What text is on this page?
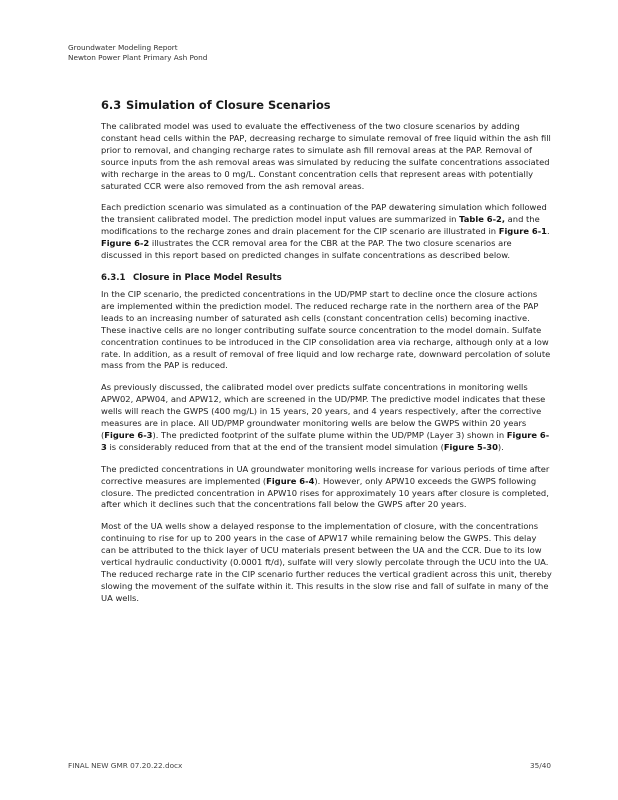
Groundwater Modeling Report
Newton Power Plant Primary Ash Pond
6.3 Simulation of Closure Scenarios

The calibrated model was used to evaluate the effectiveness of the two closure scenarios by adding constant head cells within the PAP, decreasing recharge to simulate removal of free liquid within the ash fill prior to removal, and changing recharge rates to simulate ash fill removal areas at the PAP. Removal of source inputs from the ash removal areas was simulated by reducing the sulfate concentrations associated with recharge in the areas to 0 mg/L. Constant concentration cells that represent areas with potentially saturated CCR were also removed from the ash removal areas.

Each prediction scenario was simulated as a continuation of the PAP dewatering simulation which followed the transient calibrated model. The prediction model input values are summarized in Table 6-2, and the modifications to the recharge zones and drain placement for the CIP scenario are illustrated in Figure 6-1. Figure 6-2 illustrates the CCR removal area for the CBR at the PAP. The two closure scenarios are discussed in this report based on predicted changes in sulfate concentrations as described below.

6.3.1 Closure in Place Model Results

In the CIP scenario, the predicted concentrations in the UD/PMP start to decline once the closure actions are implemented within the prediction model. The reduced recharge rate in the northern area of the PAP leads to an increasing number of saturated ash cells (constant concentration cells) becoming inactive. These inactive cells are no longer contributing sulfate source concentration to the model domain. Sulfate concentration continues to be introduced in the CIP consolidation area via recharge, although only at a low rate. In addition, as a result of removal of free liquid and low recharge rate, downward percolation of solute mass from the PAP is reduced.

As previously discussed, the calibrated model over predicts sulfate concentrations in monitoring wells APW02, APW04, and APW12, which are screened in the UD/PMP. The predictive model indicates that these wells will reach the GWPS (400 mg/L) in 15 years, 20 years, and 4 years respectively, after the corrective measures are in place. All UD/PMP groundwater monitoring wells are below the GWPS within 20 years (Figure 6-3). The predicted footprint of the sulfate plume within the UD/PMP (Layer 3) shown in Figure 6-3 is considerably reduced from that at the end of the transient model simulation (Figure 5-30).

The predicted concentrations in UA groundwater monitoring wells increase for various periods of time after corrective measures are implemented (Figure 6-4). However, only APW10 exceeds the GWPS following closure. The predicted concentration in APW10 rises for approximately 10 years after closure is completed, after which it declines such that the concentrations fall below the GWPS after 20 years.

Most of the UA wells show a delayed response to the implementation of closure, with the concentrations continuing to rise for up to 200 years in the case of APW17 while remaining below the GWPS. This delay can be attributed to the thick layer of UCU materials present between the UA and the CCR. Due to its low vertical hydraulic conductivity (0.0001 ft/d), sulfate will very slowly percolate through the UCU into the UA. The reduced recharge rate in the CIP scenario further reduces the vertical gradient across this unit, thereby slowing the movement of the sulfate within it. This results in the slow rise and fall of sulfate in many of the UA wells.

FINAL NEW GMR 07.20.22.docx	35/40
